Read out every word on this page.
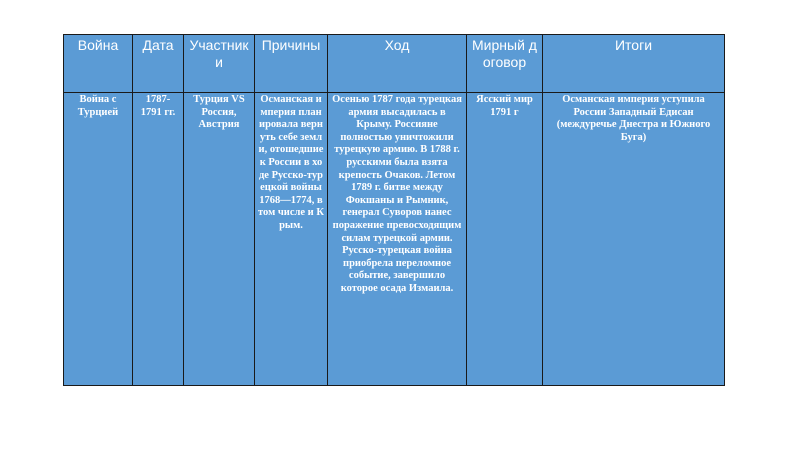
Война	Дата	Участники	Причины	Ход	Мирный договор	Итоги
Война с Турцией	1787-1791 гг.	Турция VS Россия, Австрия	Османская империя планировала вернуть себе земли, отошедшие к России в ходе Русско-турецкой войны 1768—1774, в том числе и Крым.	Осенью 1787 года турецкая армия высадилась в Крыму. Россияне полностью уничтожили турецкую армию. В 1788 г. русскими была взята крепость Очаков. Летом 1789 г. битве между Фокшаны и Рымник, генерал Суворов нанес поражение превосходящим силам турецкой армии. Русско-турецкая война приобрела переломное событие, завершило которое осада Измаила.	Ясский мир 1791 г	Османская империя уступила России Западный Едисан (междуречье Днестра и Южного Буга)
